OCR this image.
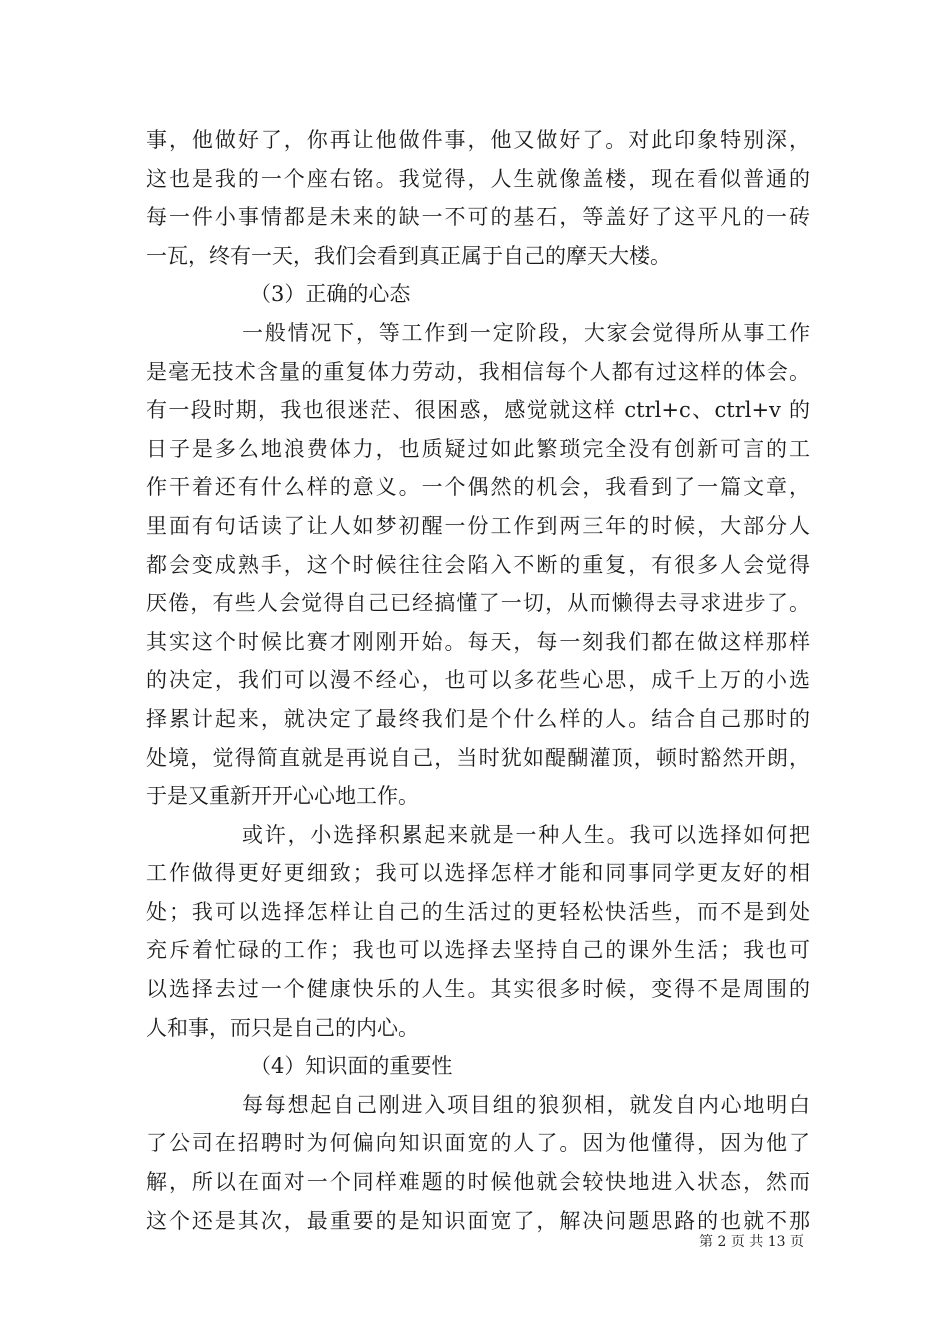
事，他做好了，你再让他做件事，他又做好了。对此印象特别深，
这也是我的一个座右铭。我觉得，人生就像盖楼，现在看似普通的
每一件小事情都是未来的缺一不可的基石，等盖好了这平凡的一砖
一瓦，终有一天，我们会看到真正属于自己的摩天大楼。
（3）正确的心态
一般情况下，等工作到一定阶段，大家会觉得所从事工作
是毫无技术含量的重复体力劳动，我相信每个人都有过这样的体会。
有一段时期，我也很迷茫、很困惑，感觉就这样 ctrl+c、ctrl+v 的
日子是多么地浪费体力，也质疑过如此繁琐完全没有创新可言的工
作干着还有什么样的意义。一个偶然的机会，我看到了一篇文章，
里面有句话读了让人如梦初醒一份工作到两三年的时候，大部分人
都会变成熟手，这个时候往往会陷入不断的重复，有很多人会觉得
厌倦，有些人会觉得自己已经搞懂了一切，从而懒得去寻求进步了。
其实这个时候比赛才刚刚开始。每天，每一刻我们都在做这样那样
的决定，我们可以漫不经心，也可以多花些心思，成千上万的小选
择累计起来，就决定了最终我们是个什么样的人。结合自己那时的
处境，觉得简直就是再说自己，当时犹如醍醐灌顶，顿时豁然开朗，
于是又重新开开心心地工作。
或许，小选择积累起来就是一种人生。我可以选择如何把
工作做得更好更细致；我可以选择怎样才能和同事同学更友好的相
处；我可以选择怎样让自己的生活过的更轻松快活些，而不是到处
充斥着忙碌的工作；我也可以选择去坚持自己的课外生活；我也可
以选择去过一个健康快乐的人生。其实很多时候，变得不是周围的
人和事，而只是自己的内心。
（4）知识面的重要性
每每想起自己刚进入项目组的狼狈相，就发自内心地明白
了公司在招聘时为何偏向知识面宽的人了。因为他懂得，因为他了
解，所以在面对一个同样难题的时候他就会较快地进入状态，然而
这个还是其次，最重要的是知识面宽了，解决问题思路的也就不那
第 2 页 共 13 页
